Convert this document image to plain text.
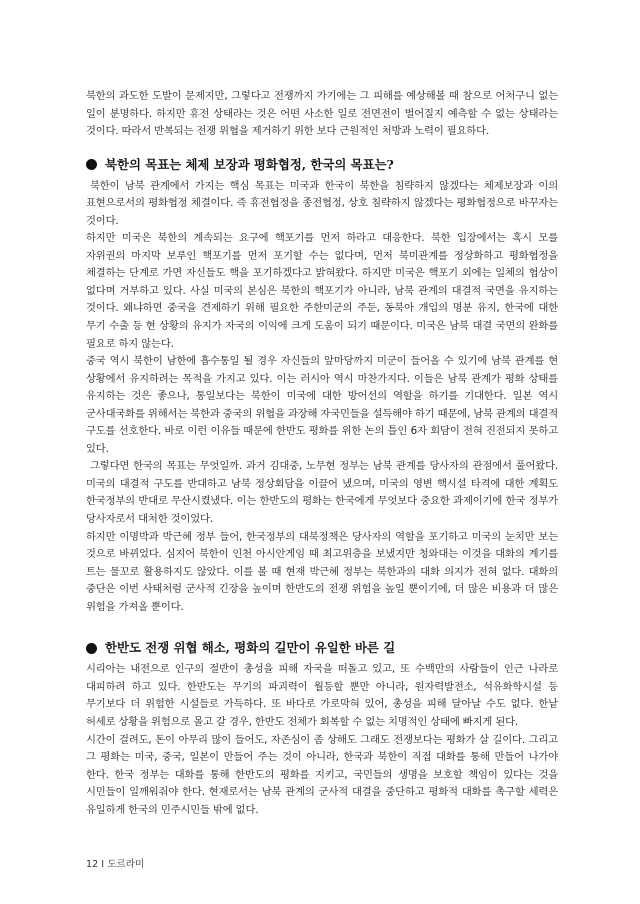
북한의 과도한 도발이 문제지만, 그렇다고 전쟁까지 가기에는 그 피해를 예상해볼 때 참으로 어처구니 없는 일이 분명하다. 하지만 휴전 상태라는 것은 어떤 사소한 일로 전면전이 벌어질지 예측할 수 없는 상태라는 것이다. 따라서 반복되는 전쟁 위협을 제거하기 위한 보다 근원적인 처방과 노력이 필요하다.

북한의 목표는 체제 보장과 평화협정, 한국의 목표는?

북한이 남북 관계에서 가지는 핵심 목표는 미국과 한국이 북한을 침략하지 않겠다는 체제보장과 이의 표현으로서의 평화협정 체결이다. 즉 휴전협정을 종전협정, 상호 침략하지 않겠다는 평화협정으로 바꾸자는 것이다.

하지만 미국은 북한의 계속되는 요구에 핵포기를 먼저 하라고 대응한다. 북한 입장에서는 혹시 모를 자위권의 마지막 보루인 핵포기를 먼저 포기할 수는 없다며, 먼저 북미관계를 정상화하고 평화협정을 체결하는 단계로 가면 자신들도 핵을 포기하겠다고 밝혀왔다. 하지만 미국은 핵포기 외에는 일체의 협상이 없다며 거부하고 있다. 사실 미국의 본심은 북한의 핵포기가 아니라, 남북 관계의 대결적 국면을 유지하는 것이다. 왜냐하면 중국을 견제하기 위해 필요한 주한미군의 주둔, 동북아 개입의 명분 유지, 한국에 대한 무기 수출 등 현 상황의 유지가 자국의 이익에 크게 도움이 되기 때문이다. 미국은 남북 대결 국면의 완화를 필요로 하지 않는다.

중국 역시 북한이 남한에 흡수통일 될 경우 자신들의 앞마당까지 미군이 들어올 수 있기에 남북 관계를 현 상황에서 유지하려는 목적을 가지고 있다. 이는 러시아 역시 마찬가지다. 이들은 남북 관계가 평화 상태를 유지하는 것은 좋으나, 통일보다는 북한이 미국에 대한 방어선의 역할을 하기를 기대한다. 일본 역시 군사대국화를 위해서는 북한과 중국의 위협을 과장해 자국민들을 설득해야 하기 때문에, 남북 관계의 대결적 구도를 선호한다. 바로 이런 이유들 때문에 한반도 평화를 위한 논의 틀인 6자 회담이 전혀 진전되지 못하고 있다.

그렇다면 한국의 목표는 무엇일까. 과거 김대중, 노무현 정부는 남북 관계를 당사자의 관점에서 풀어왔다. 미국의 대결적 구도를 반대하고 남북 정상회담을 이끌어 냈으며, 미국의 영변 핵시설 타격에 대한 계획도 한국정부의 반대로 무산시켰냈다. 이는 한반도의 평화는 한국에게 무엇보다 중요한 과제이기에 한국 정부가 당사자로서 대처한 것이었다.

하지만 이명박과 박근혜 정부 들어, 한국정부의 대북정책은 당사자의 역할을 포기하고 미국의 눈치만 보는 것으로 바뀌었다. 심지어 북한이 인천 아시안게임 때 최고위층을 보냈지만 청와대는 이것을 대화의 계기를 트는 물꼬로 활용하지도 않았다. 이를 볼 때 현재 박근혜 정부는 북한과의 대화 의지가 전혀 없다. 대화의 중단은 이번 사태처럼 군사적 긴장을 높이며 한반도의 전쟁 위험을 높일 뿐이기에, 더 많은 비용과 더 많은 위험을 가져올 뿐이다.

한반도 전쟁 위협 해소, 평화의 길만이 유일한 바른 길

시리아는 내전으로 인구의 절반이 총성을 피해 자국을 떠돌고 있고, 또 수백만의 사람들이 인근 나라로 대피하려 하고 있다. 한반도는 무기의 파괴력이 월등할 뿐만 아니라, 원자력발전소, 석유화학시설 등 무기보다 더 위험한 시설들로 가득하다. 또 바다로 가로막혀 있어, 총성을 피해 달아날 수도 없다. 한낱 허세로 상황을 위험으로 몰고 갈 경우, 한반도 전체가 회복할 수 없는 치명적인 상태에 빠지게 된다.

시간이 걸려도, 돈이 아무리 많이 들어도, 자존심이 좀 상해도 그래도 전쟁보다는 평화가 살 길이다. 그리고 그 평화는 미국, 중국, 일본이 만들어 주는 것이 아니라, 한국과 북한이 직접 대화를 통해 만들어 나가야 한다. 한국 정부는 대화를 통해 한반도의 평화를 지키고, 국민들의 생명을 보호할 책임이 있다는 것을 시민들이 일깨워줘야 한다. 현재로서는 남북 관계의 군사적 대결을 중단하고 평화적 대화를 촉구할 세력은 유일하게 한국의 민주시민들 밖에 없다.

12 I 도르라미
